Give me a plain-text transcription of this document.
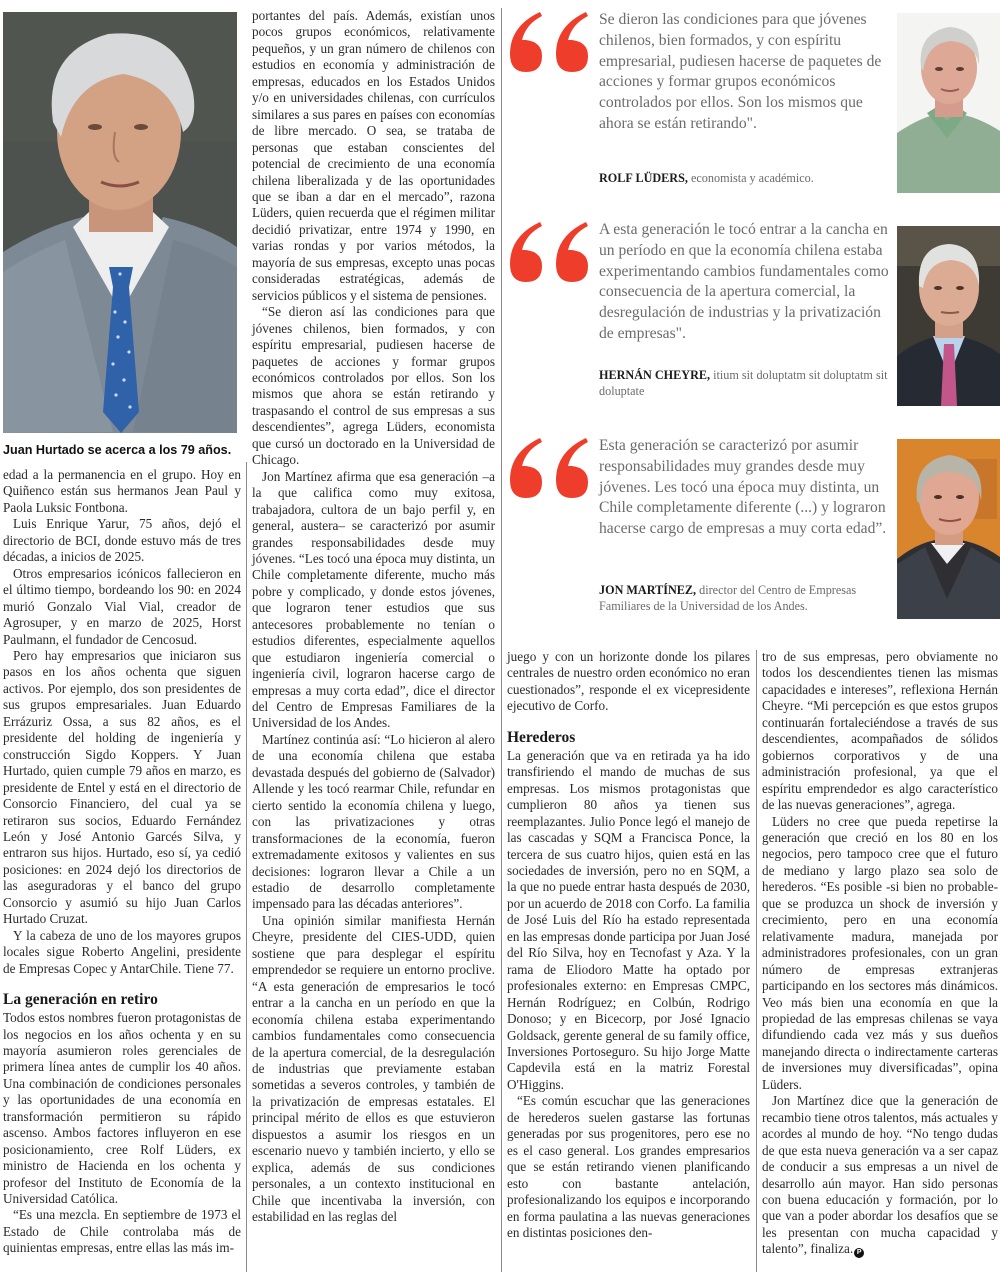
Juan Hurtado se acerca a los 79 años.

edad a la permanencia en el grupo. Hoy en Quiñenco están sus hermanos Jean Paul y Paola Luksic Fontbona.

Luis Enrique Yarur, 75 años, dejó el directorio de BCI, donde estuvo más de tres décadas, a inicios de 2025.

Otros empresarios icónicos fallecieron en el último tiempo, bordeando los 90: en 2024 murió Gonzalo Vial Vial, creador de Agrosuper, y en marzo de 2025, Horst Paulmann, el fundador de Cencosud.

Pero hay empresarios que iniciaron sus pasos en los años ochenta que siguen activos. Por ejemplo, dos son presidentes de sus grupos empresariales. Juan Eduardo Errázuriz Ossa, a sus 82 años, es el presidente del holding de ingeniería y construcción Sigdo Koppers. Y Juan Hurtado, quien cumple 79 años en marzo, es presidente de Entel y está en el directorio de Consorcio Financiero, del cual ya se retiraron sus socios, Eduardo Fernández León y José Antonio Garcés Silva, y entraron sus hijos. Hurtado, eso sí, ya cedió posiciones: en 2024 dejó los directorios de las aseguradoras y el banco del grupo Consorcio y asumió su hijo Juan Carlos Hurtado Cruzat.

Y la cabeza de uno de los mayores grupos locales sigue Roberto Angelini, presidente de Empresas Copec y AntarChile. Tiene 77.

La generación en retiro

Todos estos nombres fueron protagonistas de los negocios en los años ochenta y en su mayoría asumieron roles gerenciales de primera línea antes de cumplir los 40 años. Una combinación de condiciones personales y las oportunidades de una economía en transformación permitieron su rápido ascenso. Ambos factores influyeron en ese posicionamiento, cree Rolf Lüders, ex ministro de Hacienda en los ochenta y profesor del Instituto de Economía de la Universidad Católica.

“Es una mezcla. En septiembre de 1973 el Estado de Chile controlaba más de quinientas empresas, entre ellas las más im-

portantes del país. Además, existían unos pocos grupos económicos, relativamente pequeños, y un gran número de chilenos con estudios en economía y administración de empresas, educados en los Estados Unidos y/o en universidades chilenas, con currículos similares a sus pares en países con economías de libre mercado. O sea, se trataba de personas que estaban conscientes del potencial de crecimiento de una economía chilena liberalizada y de las oportunidades que se iban a dar en el mercado”, razona Lüders, quien recuerda que el régimen militar decidió privatizar, entre 1974 y 1990, en varias rondas y por varios métodos, la mayoría de sus empresas, excepto unas pocas consideradas estratégicas, además de servicios públicos y el sistema de pensiones.

“Se dieron así las condiciones para que jóvenes chilenos, bien formados, y con espíritu empresarial, pudiesen hacerse de paquetes de acciones y formar grupos económicos controlados por ellos. Son los mismos que ahora se están retirando y traspasando el control de sus empresas a sus descendientes”, agrega Lüders, economista que cursó un doctorado en la Universidad de Chicago.

Jon Martínez afirma que esa generación –a la que califica como muy exitosa, trabajadora, cultora de un bajo perfil y, en general, austera– se caracterizó por asumir grandes responsabilidades desde muy jóvenes. “Les tocó una época muy distinta, un Chile completamente diferente, mucho más pobre y complicado, y donde estos jóvenes, que lograron tener estudios que sus antecesores probablemente no tenían o estudios diferentes, especialmente aquellos que estudiaron ingeniería comercial o ingeniería civil, lograron hacerse cargo de empresas a muy corta edad”, dice el director del Centro de Empresas Familiares de la Universidad de los Andes.

Martínez continúa así: “Lo hicieron al alero de una economía chilena que estaba devastada después del gobierno de (Salvador) Allende y les tocó rearmar Chile, refundar en cierto sentido la economía chilena y luego, con las privatizaciones y otras transformaciones de la economía, fueron extremadamente exitosos y valientes en sus decisiones: lograron llevar a Chile a un estadio de desarrollo completamente impensado para las décadas anteriores”.

Una opinión similar manifiesta Hernán Cheyre, presidente del CIES-UDD, quien sostiene que para desplegar el espíritu emprendedor se requiere un entorno proclive. “A esta generación de empresarios le tocó entrar a la cancha en un período en que la economía chilena estaba experimentando cambios fundamentales como consecuencia de la apertura comercial, de la desregulación de industrias que previamente estaban sometidas a severos controles, y también de la privatización de empresas estatales. El principal mérito de ellos es que estuvieron dispuestos a asumir los riesgos en un escenario nuevo y también incierto, y ello se explica, además de sus condiciones personales, a un contexto institucional en Chile que incentivaba la inversión, con estabilidad en las reglas del

Se dieron las condiciones para que jóvenes chilenos, bien formados, y con espíritu empresarial, pudiesen hacerse de paquetes de acciones y formar grupos económicos controlados por ellos. Son los mismos que ahora se están retirando".
ROLF LÜDERS, economista y académico.
A esta generación le tocó entrar a la cancha en un período en que la economía chilena estaba experimentando cambios fundamentales como consecuencia de la apertura comercial, la desregulación de industrias y la privatización de empresas".
HERNÁN CHEYRE, itium sit doluptatm sit doluptatm sit doluptate
Esta generación se caracterizó por asumir responsabilidades muy grandes desde muy jóvenes. Les tocó una época muy distinta, un Chile completamente diferente (...) y lograron hacerse cargo de empresas a muy corta edad”.
JON MARTÍNEZ, director del Centro de Empresas Familiares de la Universidad de los Andes.

juego y con un horizonte donde los pilares centrales de nuestro orden económico no eran cuestionados”, responde el ex vicepresidente ejecutivo de Corfo.

Herederos

La generación que va en retirada ya ha ido transfiriendo el mando de muchas de sus empresas. Los mismos protagonistas que cumplieron 80 años ya tienen sus reemplazantes. Julio Ponce legó el manejo de las cascadas y SQM a Francisca Ponce, la tercera de sus cuatro hijos, quien está en las sociedades de inversión, pero no en SQM, a la que no puede entrar hasta después de 2030, por un acuerdo de 2018 con Corfo. La familia de José Luis del Río ha estado representada en las empresas donde participa por Juan José del Río Silva, hoy en Tecnofast y Aza. Y la rama de Eliodoro Matte ha optado por profesionales externo: en Empresas CMPC, Hernán Rodríguez; en Colbún, Rodrigo Donoso; y en Bicecorp, por José Ignacio Goldsack, gerente general de su family office, Inversiones Portoseguro. Su hijo Jorge Matte Capdevila está en la matriz Forestal O'Higgins.

“Es común escuchar que las generaciones de herederos suelen gastarse las fortunas generadas por sus progenitores, pero ese no es el caso general. Los grandes empresarios que se están retirando vienen planificando esto con bastante antelación, profesionalizando los equipos e incorporando en forma paulatina a las nuevas generaciones en distintas posiciones den-

tro de sus empresas, pero obviamente no todos los descendientes tienen las mismas capacidades e intereses”, reflexiona Hernán Cheyre. “Mi percepción es que estos grupos continuarán fortaleciéndose a través de sus descendientes, acompañados de sólidos gobiernos corporativos y de una administración profesional, ya que el espíritu emprendedor es algo característico de las nuevas generaciones”, agrega.

Lüders no cree que pueda repetirse la generación que creció en los 80 en los negocios, pero tampoco cree que el futuro de mediano y largo plazo sea solo de herederos. “Es posible -si bien no probable- que se produzca un shock de inversión y crecimiento, pero en una economía relativamente madura, manejada por administradores profesionales, con un gran número de empresas extranjeras participando en los sectores más dinámicos. Veo más bien una economía en que la propiedad de las empresas chilenas se vaya difundiendo cada vez más y sus dueños manejando directa o indirectamente carteras de inversiones muy diversificadas”, opina Lüders.

Jon Martínez dice que la generación de recambio tiene otros talentos, más actuales y acordes al mundo de hoy. “No tengo dudas de que esta nueva generación va a ser capaz de conducir a sus empresas a un nivel de desarrollo aún mayor. Han sido personas con buena educación y formación, por lo que van a poder abordar los desafíos que se les presentan con mucha capacidad y talento”, finaliza. P
